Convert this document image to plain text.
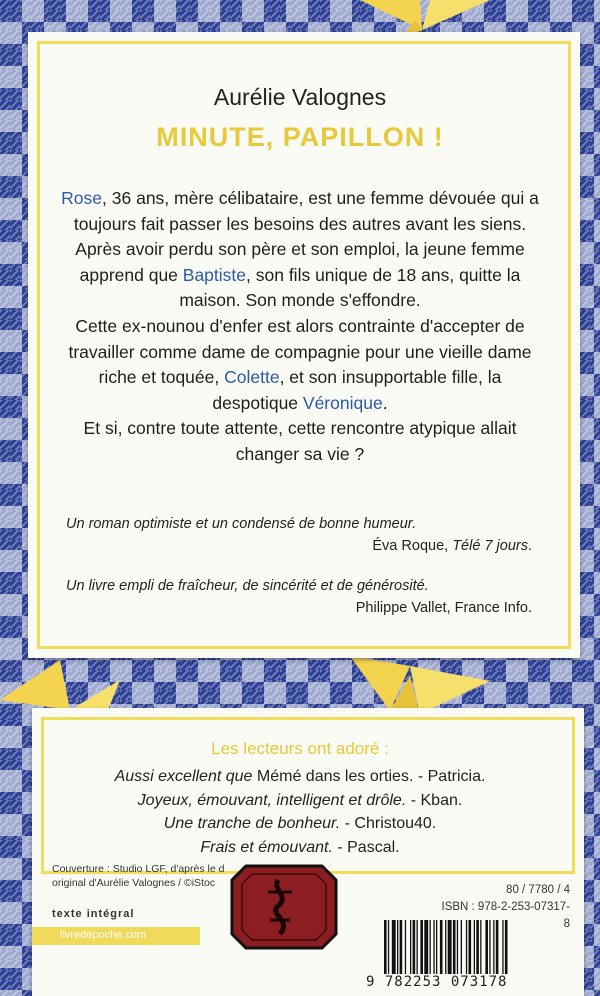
Aurélie Valognes
MINUTE, PAPILLON !

Rose, 36 ans, mère célibataire, est une femme dévouée qui a toujours fait passer les besoins des autres avant les siens. Après avoir perdu son père et son emploi, la jeune femme apprend que Baptiste, son fils unique de 18 ans, quitte la maison. Son monde s'effondre.

Cette ex-nounou d'enfer est alors contrainte d'accepter de travailler comme dame de compagnie pour une vieille dame riche et toquée, Colette, et son insupportable fille, la despotique Véronique.

Et si, contre toute attente, cette rencontre atypique allait changer sa vie ?

Un roman optimiste et un condensé de bonne humeur.
Éva Roque, Télé 7 jours.
Un livre empli de fraîcheur, de sincérité et de générosité.
Philippe Vallet, France Info.
Les lecteurs ont adoré :
Aussi excellent que Mémé dans les orties. - Patricia.
Joyeux, émouvant, intelligent et drôle. - Kban.
Une tranche de bonheur. - Christou40.
Frais et émouvant. - Pascal.
Couverture : Studio LGF, d'après le d
original d'Aurélie Valognes / ©iStoc
texte intégral
livredepoche.com
80 / 7780 / 4
ISBN : 978-2-253-07317-8
9 782253 073178
